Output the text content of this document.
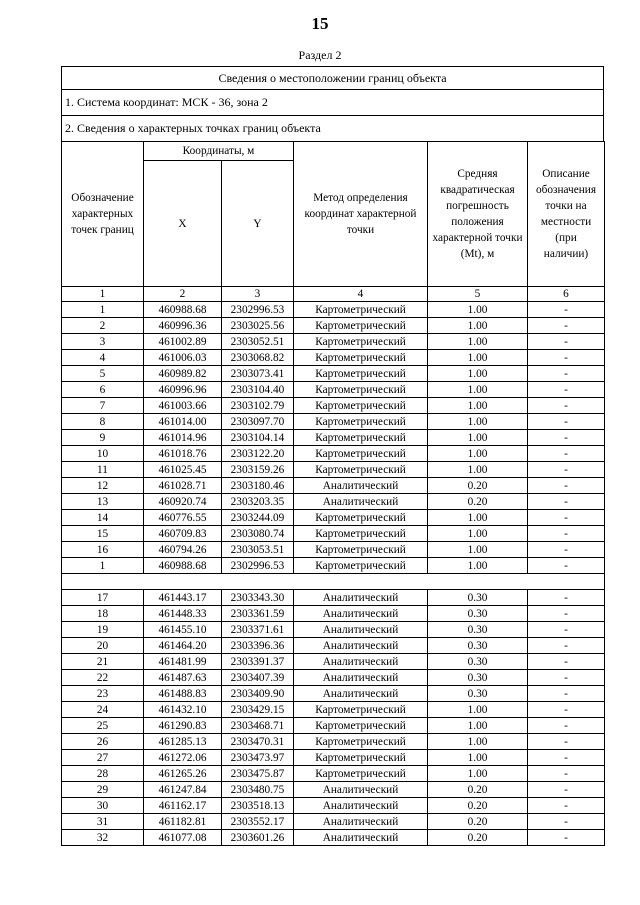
15
Раздел 2
Сведения о местоположении границ объекта
1. Система координат: МСК - 36, зона 2
2. Сведения о характерных точках границ объекта
Обозначение характерных точек границ	Координаты, м		Метод определения координат характерной точки	Средняя квадратическая погрешность положения характерной точки (Mt), м	Описание обозначения точки на местности (при наличии)
	X	Y			
1	2	3	4	5	6
1	460988.68	2302996.53	Картометрический	1.00	-
2	460996.36	2303025.56	Картометрический	1.00	-
3	461002.89	2303052.51	Картометрический	1.00	-
4	461006.03	2303068.82	Картометрический	1.00	-
5	460989.82	2303073.41	Картометрический	1.00	-
6	460996.96	2303104.40	Картометрический	1.00	-
7	461003.66	2303102.79	Картометрический	1.00	-
8	461014.00	2303097.70	Картометрический	1.00	-
9	461014.96	2303104.14	Картометрический	1.00	-
10	461018.76	2303122.20	Картометрический	1.00	-
11	461025.45	2303159.26	Картометрический	1.00	-
12	461028.71	2303180.46	Аналитический	0.20	-
13	460920.74	2303203.35	Аналитический	0.20	-
14	460776.55	2303244.09	Картометрический	1.00	-
15	460709.83	2303080.74	Картометрический	1.00	-
16	460794.26	2303053.51	Картометрический	1.00	-
1	460988.68	2302996.53	Картометрический	1.00	-

17	461443.17	2303343.30	Аналитический	0.30	-
18	461448.33	2303361.59	Аналитический	0.30	-
19	461455.10	2303371.61	Аналитический	0.30	-
20	461464.20	2303396.36	Аналитический	0.30	-
21	461481.99	2303391.37	Аналитический	0.30	-
22	461487.63	2303407.39	Аналитический	0.30	-
23	461488.83	2303409.90	Аналитический	0.30	-
24	461432.10	2303429.15	Картометрический	1.00	-
25	461290.83	2303468.71	Картометрический	1.00	-
26	461285.13	2303470.31	Картометрический	1.00	-
27	461272.06	2303473.97	Картометрический	1.00	-
28	461265.26	2303475.87	Картометрический	1.00	-
29	461247.84	2303480.75	Аналитический	0.20	-
30	461162.17	2303518.13	Аналитический	0.20	-
31	461182.81	2303552.17	Аналитический	0.20	-
32	461077.08	2303601.26	Аналитический	0.20	-
